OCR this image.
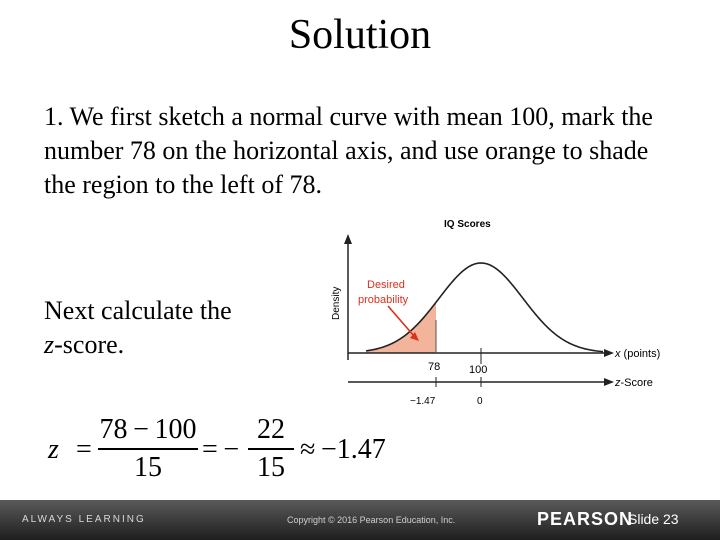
Solution
1. We first sketch a normal curve with mean 100, mark the number 78 on the horizontal axis, and use orange to shade the region to the left of 78.
Next calculate the
z-score.
IQ Scores
Density
Desired
probability
x (points)
78	100
z-Score
−1.47	0
z =
78 − 100
15
= −
22
15
≈ −1.47
ALWAYS LEARNING	Copyright © 2016 Pearson Education, Inc.	PEARSON
Slide 23
